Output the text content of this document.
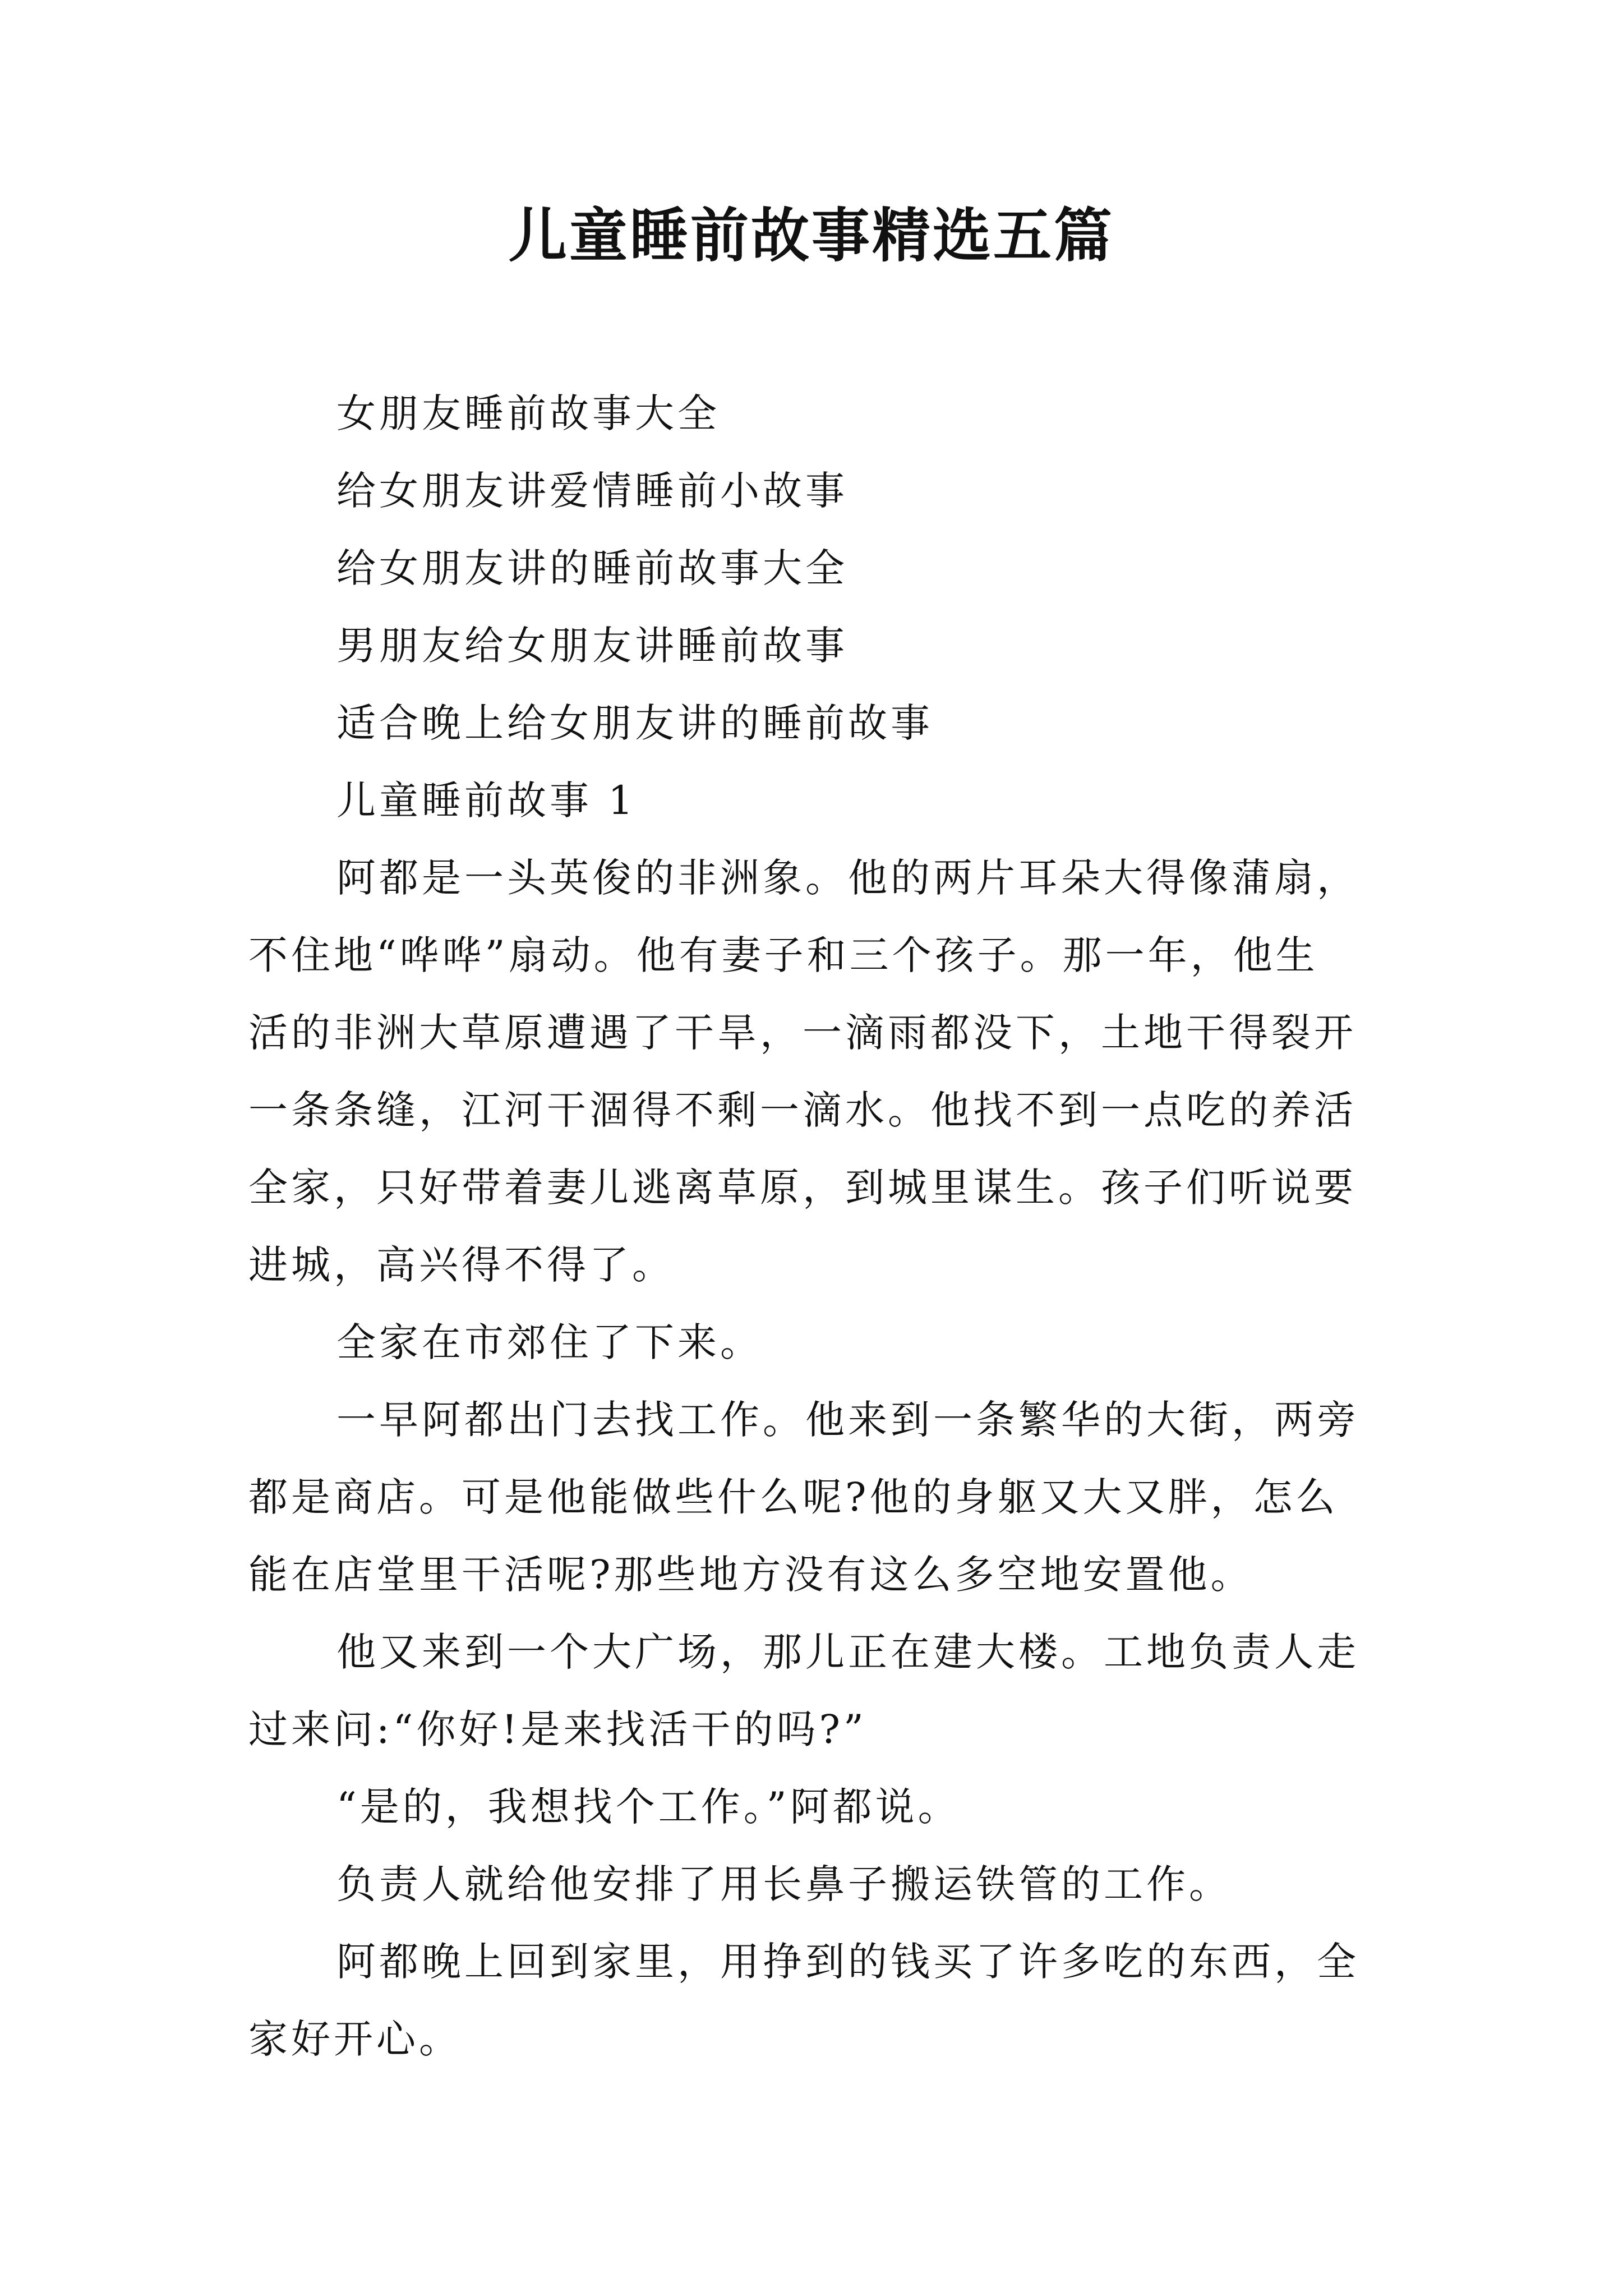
儿童睡前故事精选五篇
女朋友睡前故事大全
给女朋友讲爱情睡前小故事
给女朋友讲的睡前故事大全
男朋友给女朋友讲睡前故事
适合晚上给女朋友讲的睡前故事
儿童睡前故事 1
阿都是一头英俊的非洲象。他的两片耳朵大得像蒲扇，
不住地“哗哗”扇动。他有妻子和三个孩子。那一年，他生
活的非洲大草原遭遇了干旱，一滴雨都没下，土地干得裂开
一条条缝，江河干涸得不剩一滴水。他找不到一点吃的养活
全家，只好带着妻儿逃离草原，到城里谋生。孩子们听说要
进城，高兴得不得了。
全家在市郊住了下来。
一早阿都出门去找工作。他来到一条繁华的大街，两旁
都是商店。可是他能做些什么呢?他的身躯又大又胖，怎么
能在店堂里干活呢?那些地方没有这么多空地安置他。
他又来到一个大广场，那儿正在建大楼。工地负责人走
过来问:“你好!是来找活干的吗?”
“是的，我想找个工作。”阿都说。
负责人就给他安排了用长鼻子搬运铁管的工作。
阿都晚上回到家里，用挣到的钱买了许多吃的东西，全
家好开心。
